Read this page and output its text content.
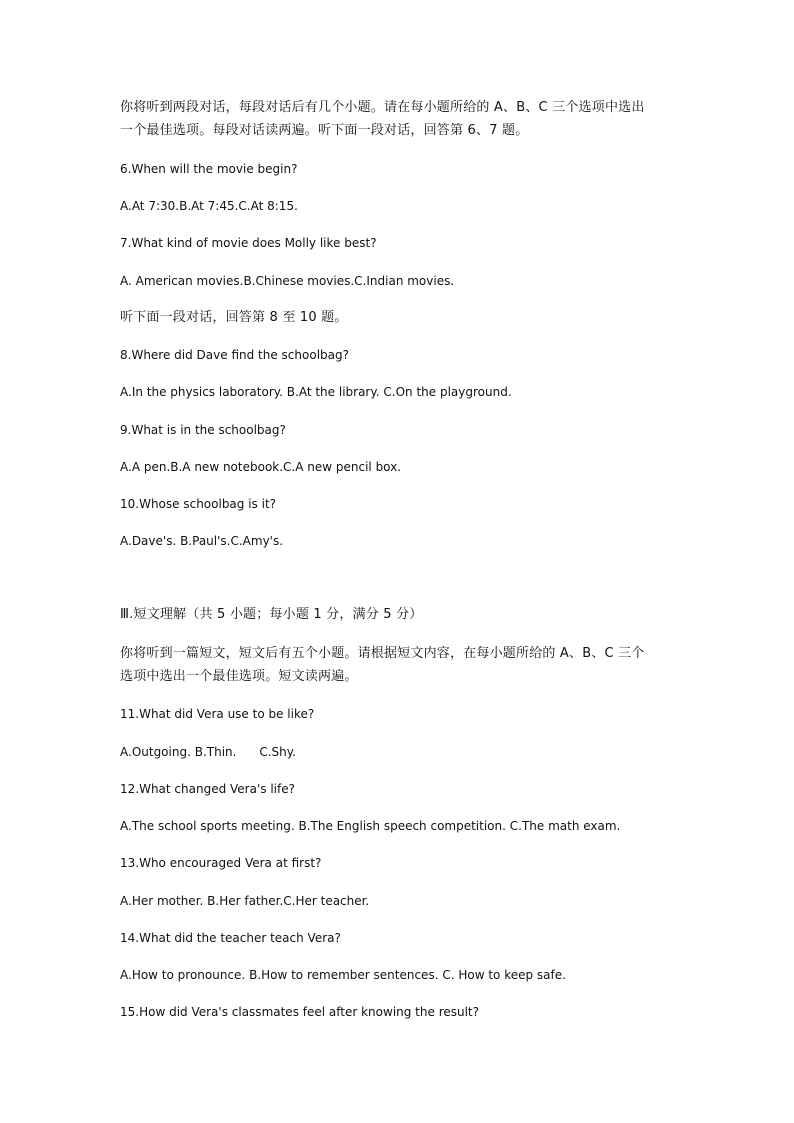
你将听到两段对话，每段对话后有几个小题。请在每小题所给的 A、B、C 三个选项中选出
一个最佳选项。每段对话读两遍。听下面一段对话，回答第 6、7 题。
6.When will the movie begin?
A.At 7:30.B.At 7:45.C.At 8:15.
7.What kind of movie does Molly like best?
A. American movies.B.Chinese movies.C.Indian movies.
听下面一段对话，回答第 8 至 10 题。
8.Where did Dave find the schoolbag?
A.In the physics laboratory. B.At the library. C.On the playground.
9.What is in the schoolbag?
A.A pen.B.A new notebook.C.A new pencil box.
10.Whose schoolbag is it?
A.Dave's. B.Paul's.C.Amy's.
Ⅲ.短文理解（共 5 小题；每小题 1 分，满分 5 分）
你将听到一篇短文，短文后有五个小题。请根据短文内容，在每小题所给的 A、B、C 三个
选项中选出一个最佳选项。短文读两遍。
11.What did Vera use to be like?
A.Outgoing. B.Thin.      C.Shy.
12.What changed Vera's life?
A.The school sports meeting. B.The English speech competition. C.The math exam.
13.Who encouraged Vera at first?
A.Her mother. B.Her father.C.Her teacher.
14.What did the teacher teach Vera?
A.How to pronounce. B.How to remember sentences. C. How to keep safe.
15.How did Vera's classmates feel after knowing the result?
